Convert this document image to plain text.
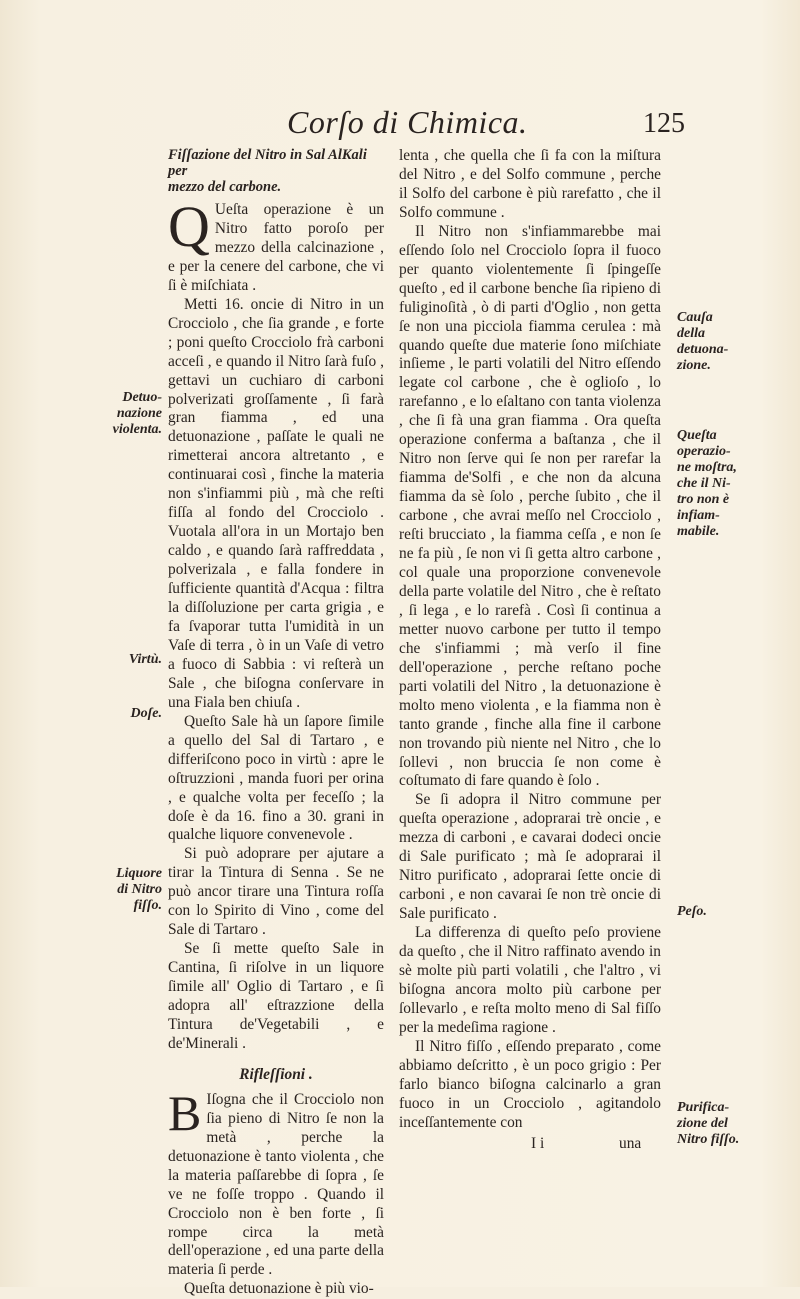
Corſo di Chimica.	125
Detuo-
nazione
violenta.
Virtù.
Doſe.
Liquore
di Nitro
fiſſo.
Cauſa
della
detuona-
zione.
Queſta
operazio-
ne moſtra,
che il Ni-
tro non è
infiam-
mabile.
Peſo.
Purifica-
zione del
Nitro fiſſo.
Fiſſazione del Nitro in Sal AlKali per
mezzo del carbone.
Q Ueſta operazione è un Nitro fatto poroſo per mezzo della calcinazione , e per la cenere del carbone, che vi ſi è miſchiata .

Metti 16. oncie di Nitro in un Crocciolo , che ſia grande , e forte ; poni queſto Crocciolo frà carboni acceſi , e quando il Nitro ſarà fuſo , gettavi un cuchiaro di carboni polverizati groſſamente , ſi farà gran fiamma , ed una detuonazione , paſſate le quali ne rimetterai ancora altretanto , e continuarai così , finche la materia non s'infiammi più , mà che reſti fiſſa al fondo del Crocciolo . Vuotala all'ora in un Mortajo ben caldo , e quando ſarà raffreddata , polverizala , e falla fondere in ſufficiente quantità d'Acqua : filtra la diſſoluzione per carta grigia , e fa ſvaporar tutta l'umidità in un Vaſe di terra , ò in un Vaſe di vetro a fuoco di Sabbia : vi reſterà un Sale , che biſogna conſervare in una Fiala ben chiuſa .

Queſto Sale hà un ſapore ſimile a quello del Sal di Tartaro , e differiſcono poco in virtù : apre le oſtruzzioni , manda fuori per orina , e qualche volta per feceſſo ; la doſe è da 16. fino a 30. grani in qualche liquore convenevole .

Si può adoprare per ajutare a tirar la Tintura di Senna . Se ne può ancor tirare una Tintura roſſa con lo Spirito di Vino , come del Sale di Tartaro .

Se ſi mette queſto Sale in Cantina, ſi riſolve in un liquore ſimile all' Oglio di Tartaro , e ſi adopra all' eſtrazzione della Tintura de'Vegetabili , e de'Minerali .

Rifleſſioni .
B Iſogna che il Crocciolo non ſia pieno di Nitro ſe non la metà , perche la detuonazione è tanto violenta , che la materia paſſarebbe di ſopra , ſe ve ne foſſe troppo . Quando il Crocciolo non è ben forte , ſi rompe circa la metà dell'operazione , ed una parte della materia ſi perde .

Queſta detuonazione è più vio-

lenta , che quella che ſi fa con la miſtura del Nitro , e del Solfo commune , perche il Solfo del carbone è più rarefatto , che il Solfo commune .

Il Nitro non s'infiammarebbe mai eſſendo ſolo nel Crocciolo ſopra il fuoco per quanto violentemente ſi ſpingeſſe queſto , ed il carbone benche ſia ripieno di fuliginoſità , ò di parti d'Oglio , non getta ſe non una picciola fiamma cerulea : mà quando queſte due materie ſono miſchiate inſieme , le parti volatili del Nitro eſſendo legate col carbone , che è oglioſo , lo rarefanno , e lo eſaltano con tanta violenza , che ſi fà una gran fiamma . Ora queſta operazione conferma a baſtanza , che il Nitro non ſerve qui ſe non per rarefar la fiamma de'Solfi , e che non da alcuna fiamma da sè ſolo , perche ſubito , che il carbone , che avrai meſſo nel Crocciolo , reſti brucciato , la fiamma ceſſa , e non ſe ne fa più , ſe non vi ſi getta altro carbone , col quale una proporzione convenevole della parte volatile del Nitro , che è reſtato , ſi lega , e lo rarefà . Così ſi continua a metter nuovo carbone per tutto il tempo che s'infiammi ; mà verſo il fine dell'operazione , perche reſtano poche parti volatili del Nitro , la detuonazione è molto meno violenta , e la fiamma non è tanto grande , finche alla fine il carbone non trovando più niente nel Nitro , che lo ſollevi , non bruccia ſe non come è coſtumato di fare quando è ſolo .

Se ſi adopra il Nitro commune per queſta operazione , adoprarai trè oncie , e mezza di carboni , e cavarai dodeci oncie di Sale purificato ; mà ſe adoprarai il Nitro purificato , adoprarai ſette oncie di carboni , e non cavarai ſe non trè oncie di Sale purificato .

La differenza di queſto peſo proviene da queſto , che il Nitro raffinato avendo in sè molte più parti volatili , che l'altro , vi biſogna ancora molto più carbone per ſollevarlo , e reſta molto meno di Sal fiſſo per la medeſima ragione .

Il Nitro fiſſo , eſſendo preparato , come abbiamo deſcritto , è un poco grigio : Per farlo bianco biſogna calcinarlo a gran fuoco in un Crocciolo , agitandolo inceſſantemente con

I i	una
